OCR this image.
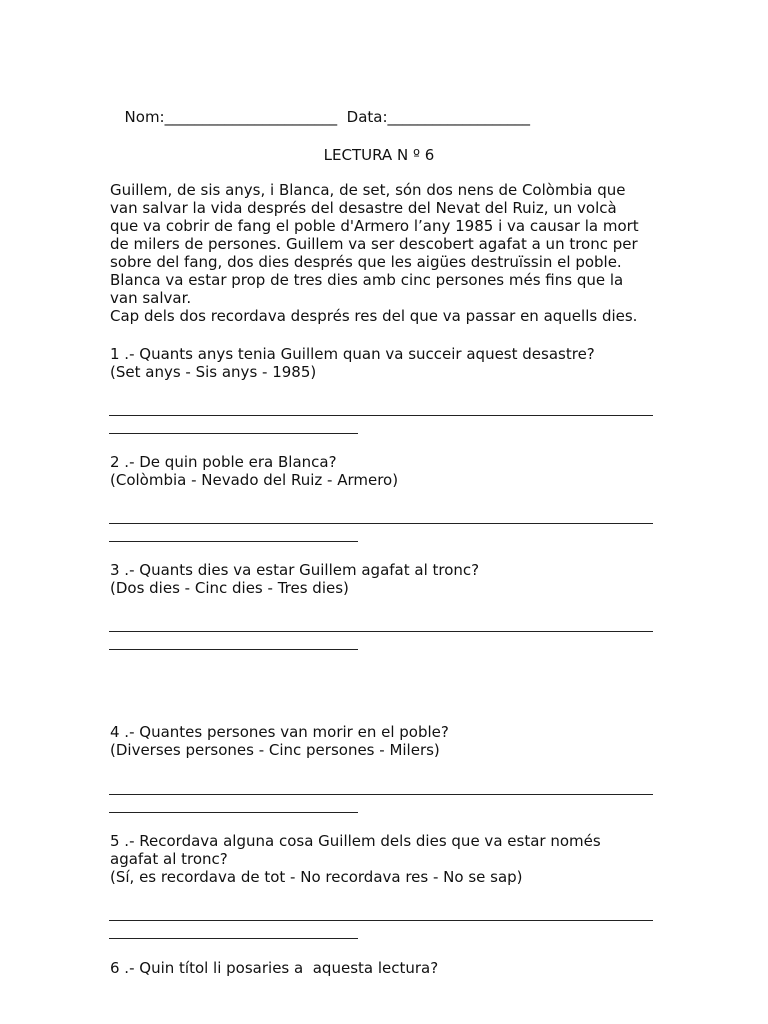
Nom:_______________________ Data:___________________

LECTURA N º 6
Guillem, de sis anys, i Blanca, de set, són dos nens de Colòmbia que
van salvar la vida després del desastre del Nevat del Ruiz, un volcà
que va cobrir de fang el poble d'Armero l’any 1985 i va causar la mort
de milers de persones. Guillem va ser descobert agafat a un tronc per
sobre del fang, dos dies després que les aigües destruïssin el poble.
Blanca va estar prop de tres dies amb cinc persones més fins que la
van salvar.
Cap dels dos recordava després res del que va passar en aquells dies.
1 .- Quants anys tenia Guillem quan va succeir aquest desastre?
(Set anys - Sis anys - 1985)
2 .- De quin poble era Blanca?
(Colòmbia - Nevado del Ruiz - Armero)
3 .- Quants dies va estar Guillem agafat al tronc?
(Dos dies - Cinc dies - Tres dies)
4 .- Quantes persones van morir en el poble?
(Diverses persones - Cinc persones - Milers)
5 .- Recordava alguna cosa Guillem dels dies que va estar només
agafat al tronc?
(Sí, es recordava de tot - No recordava res - No se sap)
6 .- Quin títol li posaries a  aquesta lectura?
